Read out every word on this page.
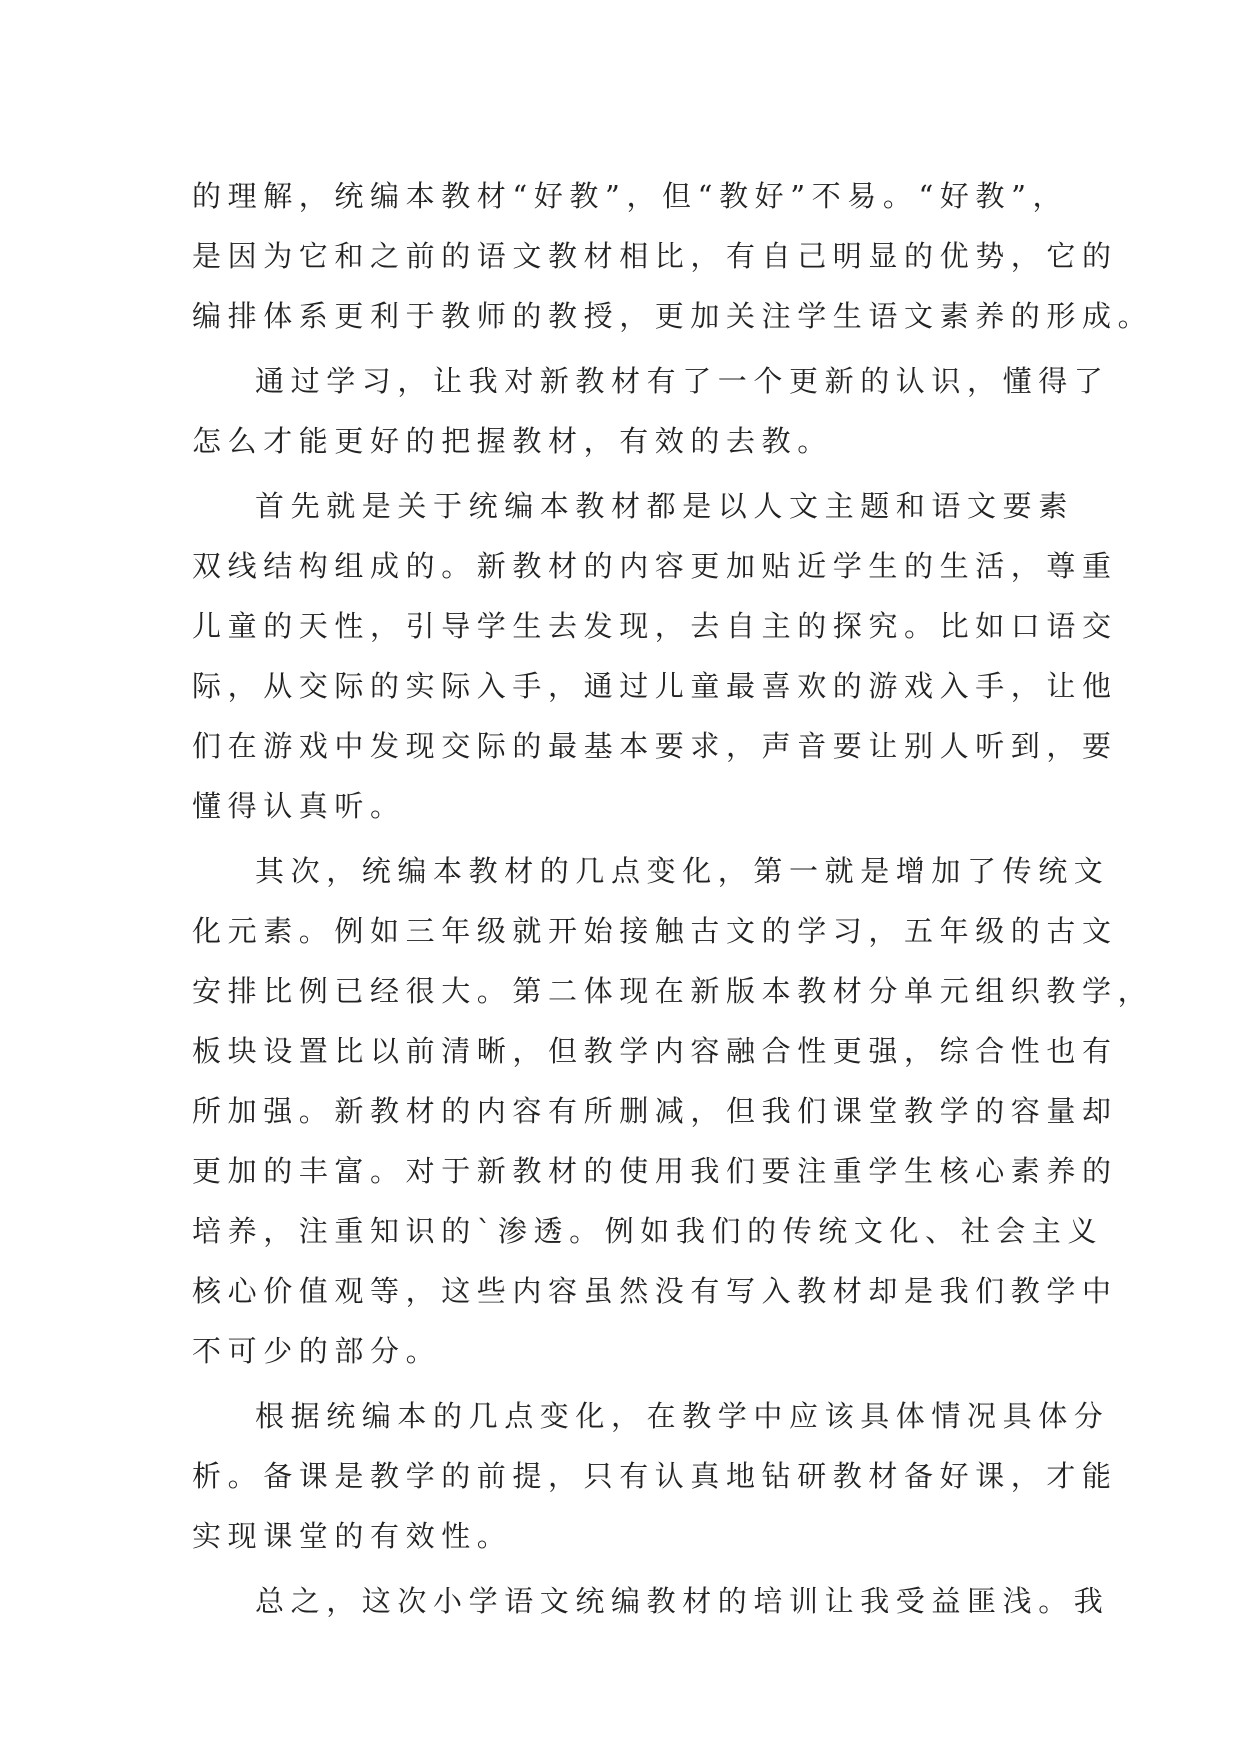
的理解，统编本教材“好教”，但“教好”不易。“好教”，
是因为它和之前的语文教材相比，有自己明显的优势，它的
编排体系更利于教师的教授，更加关注学生语文素养的形成。
通过学习，让我对新教材有了一个更新的认识，懂得了
怎么才能更好的把握教材，有效的去教。
首先就是关于统编本教材都是以人文主题和语文要素
双线结构组成的。新教材的内容更加贴近学生的生活，尊重
儿童的天性，引导学生去发现，去自主的探究。比如口语交
际，从交际的实际入手，通过儿童最喜欢的游戏入手，让他
们在游戏中发现交际的最基本要求，声音要让别人听到，要
懂得认真听。
其次，统编本教材的几点变化，第一就是增加了传统文
化元素。例如三年级就开始接触古文的学习，五年级的古文
安排比例已经很大。第二体现在新版本教材分单元组织教学，
板块设置比以前清晰，但教学内容融合性更强，综合性也有
所加强。新教材的内容有所删减，但我们课堂教学的容量却
更加的丰富。对于新教材的使用我们要注重学生核心素养的
培养，注重知识的`渗透。例如我们的传统文化、社会主义
核心价值观等，这些内容虽然没有写入教材却是我们教学中
不可少的部分。
根据统编本的几点变化，在教学中应该具体情况具体分
析。备课是教学的前提，只有认真地钻研教材备好课，才能
实现课堂的有效性。
总之，这次小学语文统编教材的培训让我受益匪浅。我
